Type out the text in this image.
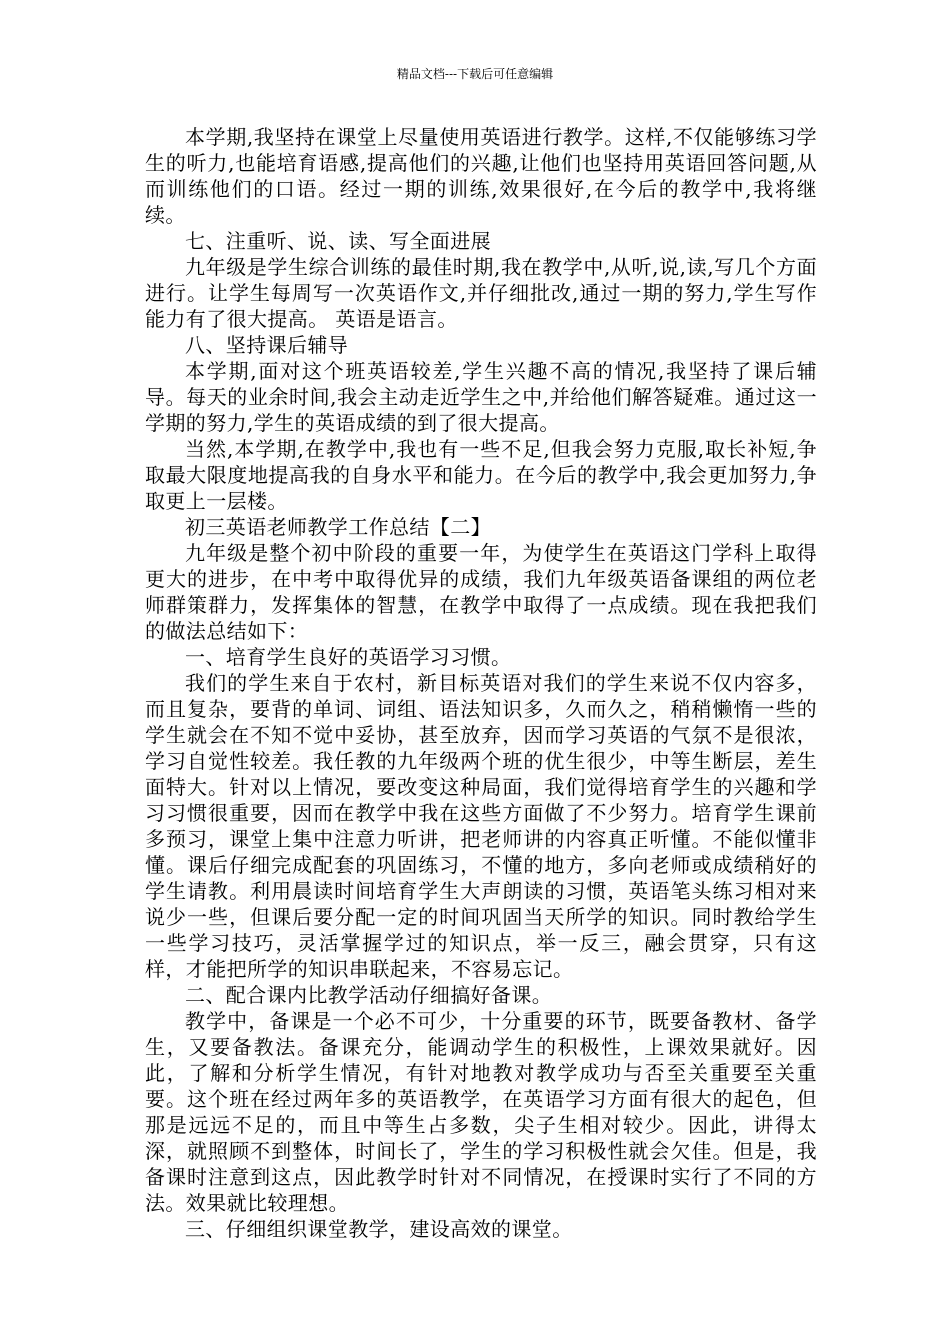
精品文档---下载后可任意编辑

本学期,我坚持在课堂上尽量使用英语进行教学。这样,不仅能够练习学生的听力,也能培育语感,提高他们的兴趣,让他们也坚持用英语回答问题,从而训练他们的口语。经过一期的训练,效果很好,在今后的教学中,我将继续。

七、注重听、说、读、写全面进展

九年级是学生综合训练的最佳时期,我在教学中,从听,说,读,写几个方面进行。让学生每周写一次英语作文,并仔细批改,通过一期的努力,学生写作能力有了很大提高。 英语是语言。

八、坚持课后辅导

本学期,面对这个班英语较差,学生兴趣不高的情况,我坚持了课后辅导。每天的业余时间,我会主动走近学生之中,并给他们解答疑难。通过这一学期的努力,学生的英语成绩的到了很大提高。

当然,本学期,在教学中,我也有一些不足,但我会努力克服,取长补短,争取最大限度地提高我的自身水平和能力。在今后的教学中,我会更加努力,争取更上一层楼。

初三英语老师教学工作总结【二】

九年级是整个初中阶段的重要一年，为使学生在英语这门学科上取得更大的进步，在中考中取得优异的成绩，我们九年级英语备课组的两位老师群策群力，发挥集体的智慧，在教学中取得了一点成绩。现在我把我们的做法总结如下：

一、培育学生良好的英语学习习惯。

我们的学生来自于农村，新目标英语对我们的学生来说不仅内容多，而且复杂，要背的单词、词组、语法知识多，久而久之，稍稍懒惰一些的学生就会在不知不觉中妥协，甚至放弃，因而学习英语的气氛不是很浓，学习自觉性较差。我任教的九年级两个班的优生很少，中等生断层，差生面特大。针对以上情况，要改变这种局面，我们觉得培育学生的兴趣和学习习惯很重要，因而在教学中我在这些方面做了不少努力。培育学生课前多预习，课堂上集中注意力听讲，把老师讲的内容真正听懂。不能似懂非懂。课后仔细完成配套的巩固练习，不懂的地方，多向老师或成绩稍好的学生请教。利用晨读时间培育学生大声朗读的习惯，英语笔头练习相对来说少一些，但课后要分配一定的时间巩固当天所学的知识。同时教给学生一些学习技巧，灵活掌握学过的知识点，举一反三，融会贯穿，只有这样，才能把所学的知识串联起来，不容易忘记。

二、配合课内比教学活动仔细搞好备课。

教学中，备课是一个必不可少，十分重要的环节，既要备教材、备学生，又要备教法。备课充分，能调动学生的积极性，上课效果就好。因此，了解和分析学生情况，有针对地教对教学成功与否至关重要至关重要。这个班在经过两年多的英语教学，在英语学习方面有很大的起色，但那是远远不足的，而且中等生占多数，尖子生相对较少。因此，讲得太深，就照顾不到整体，时间长了，学生的学习积极性就会欠佳。但是，我备课时注意到这点，因此教学时针对不同情况，在授课时实行了不同的方法。效果就比较理想。

三、仔细组织课堂教学，建设高效的课堂。
